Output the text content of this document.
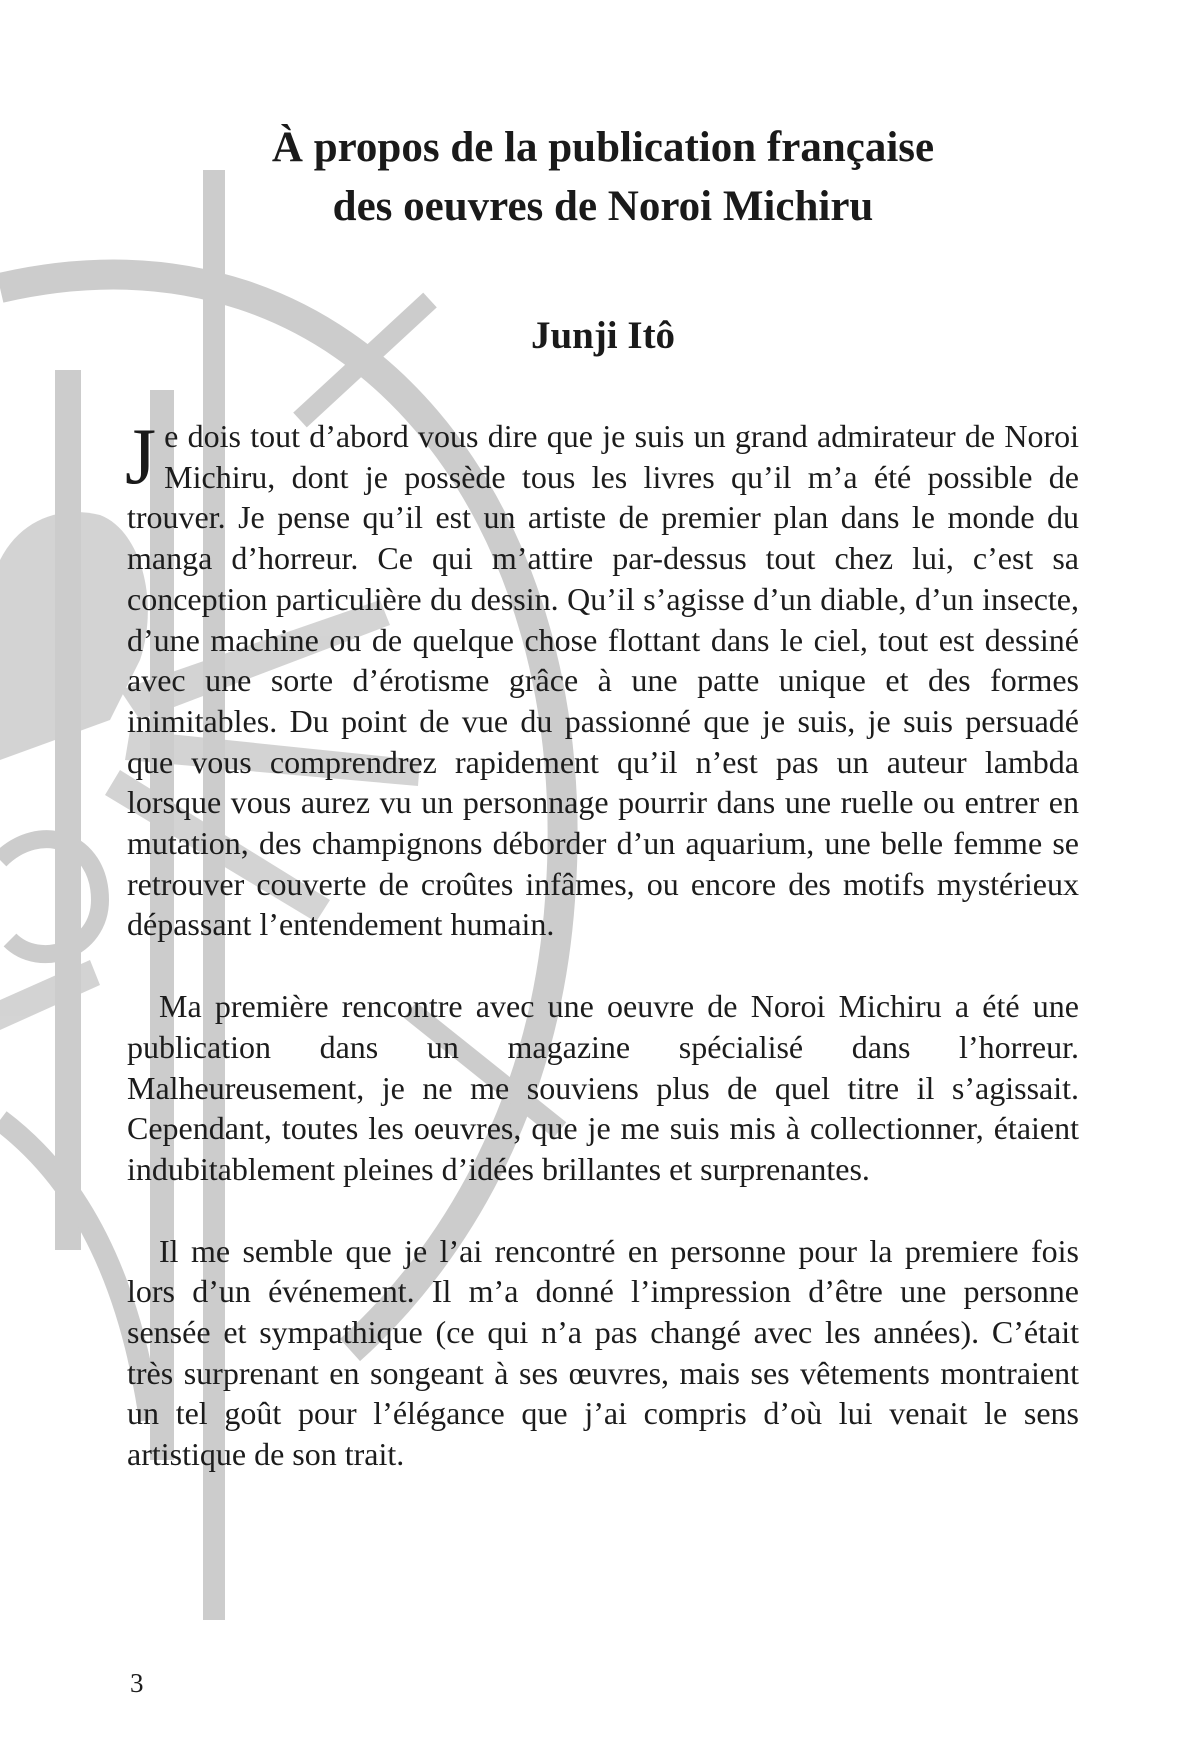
À propos de la publication française
des oeuvres de Noroi Michiru
Junji Itô

Je dois tout d’abord vous dire que je suis un grand admirateur de Noroi Michiru, dont je possède tous les livres qu’il m’a été possible de trouver. Je pense qu’il est un artiste de premier plan dans le monde du manga d’horreur. Ce qui m’attire par-dessus tout chez lui, c’est sa conception particulière du dessin. Qu’il s’agisse d’un diable, d’un insecte, d’une machine ou de quelque chose flottant dans le ciel, tout est dessiné avec une sorte d’érotisme grâce à une patte unique et des formes inimitables. Du point de vue du passionné que je suis, je suis persuadé que vous comprendrez rapidement qu’il n’est pas un auteur lambda lorsque vous aurez vu un personnage pourrir dans une ruelle ou entrer en mutation, des champignons déborder d’un aquarium, une belle femme se retrouver couverte de croûtes infâmes, ou encore des motifs mystérieux dépassant l’entendement humain.

Ma première rencontre avec une oeuvre de Noroi Michiru a été une publication dans un magazine spécialisé dans l’horreur. Malheureusement, je ne me souviens plus de quel titre il s’agissait. Cependant, toutes les oeuvres, que je me suis mis à collectionner, étaient indubitablement pleines d’idées brillantes et surprenantes.

Il me semble que je l’ai rencontré en personne pour la premiere fois lors d’un événement. Il m’a donné l’impression d’être une personne sensée et sympathique (ce qui n’a pas changé avec les années). C’était très surprenant en songeant à ses œuvres, mais ses vêtements montraient un tel goût pour l’élégance que j’ai compris d’où lui venait le sens artistique de son trait.

3
